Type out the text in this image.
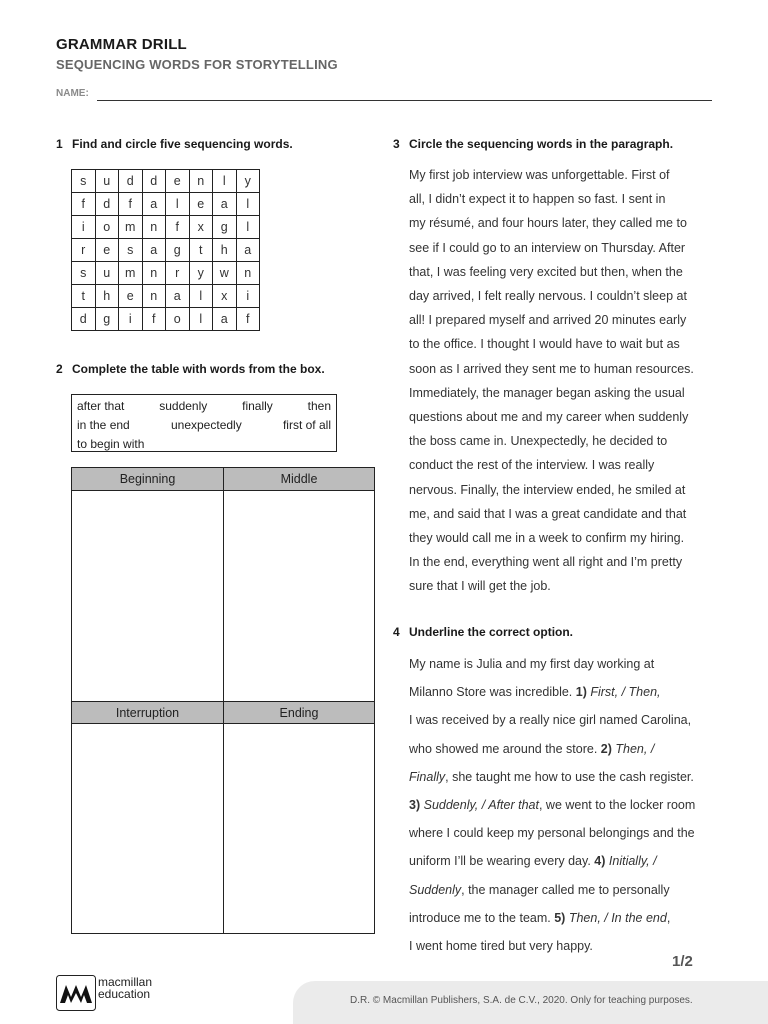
GRAMMAR DRILL
SEQUENCING WORDS FOR STORYTELLING
NAME:
1 Find and circle five sequencing words.
s	u	d	d	e	n	l	y
f	d	f	a	l	e	a	l
i	o	m	n	f	x	g	l
r	e	s	a	g	t	h	a
s	u	m	n	r	y	w	n
t	h	e	n	a	l	x	i
d	g	i	f	o	l	a	f
2 Complete the table with words from the box.
after that	suddenly	finally	then
in the end	unexpectedly	first of all
to begin with
Beginning	Middle
Interruption	Ending
3 Circle the sequencing words in the paragraph.
My first job interview was unforgettable. First of
all, I didn’t expect it to happen so fast. I sent in
my résumé, and four hours later, they called me to
see if I could go to an interview on Thursday. After
that, I was feeling very excited but then, when the
day arrived, I felt really nervous. I couldn’t sleep at
all! I prepared myself and arrived 20 minutes early
to the office. I thought I would have to wait but as
soon as I arrived they sent me to human resources.
Immediately, the manager began asking the usual
questions about me and my career when suddenly
the boss came in. Unexpectedly, he decided to
conduct the rest of the interview. I was really
nervous. Finally, the interview ended, he smiled at
me, and said that I was a great candidate and that
they would call me in a week to confirm my hiring.
In the end, everything went all right and I’m pretty
sure that I will get the job.
4 Underline the correct option.
My name is Julia and my first day working at
Milanno Store was incredible. 1) First, / Then,
I was received by a really nice girl named Carolina,
who showed me around the store. 2) Then, /
Finally, she taught me how to use the cash register.
3) Suddenly, / After that, we went to the locker room
where I could keep my personal belongings and the
uniform I’ll be wearing every day. 4) Initially, /
Suddenly, the manager called me to personally
introduce me to the team. 5) Then, / In the end,
I went home tired but very happy.
1/2
D.R. © Macmillan Publishers, S.A. de C.V., 2020. Only for teaching purposes.
macmillan
education
